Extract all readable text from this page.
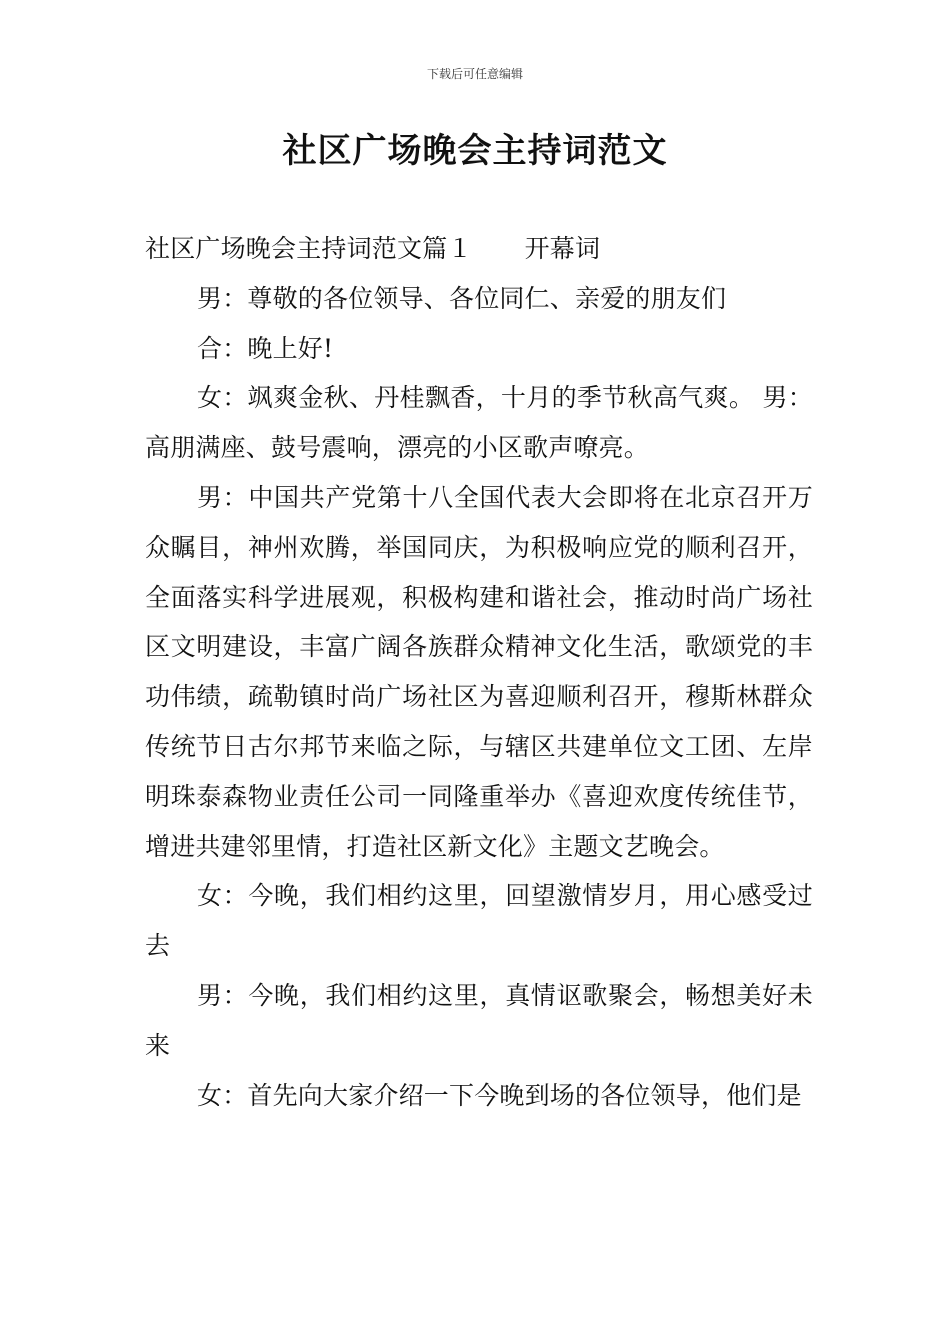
下载后可任意编辑
社区广场晚会主持词范文

社区广场晚会主持词范文篇１ 开幕词

男：尊敬的各位领导、各位同仁、亲爱的朋友们

合：晚上好!

女：飒爽金秋、丹桂飘香，十月的季节秋高气爽。 男：高朋满座、鼓号震响，漂亮的小区歌声嘹亮。

男：中国共产党第十八全国代表大会即将在北京召开万众瞩目，神州欢腾，举国同庆，为积极响应党的顺利召开，全面落实科学进展观，积极构建和谐社会，推动时尚广场社区文明建设，丰富广阔各族群众精神文化生活，歌颂党的丰功伟绩，疏勒镇时尚广场社区为喜迎顺利召开，穆斯林群众传统节日古尔邦节来临之际，与辖区共建单位文工团、左岸明珠泰森物业责任公司一同隆重举办《喜迎欢度传统佳节，增进共建邻里情，打造社区新文化》主题文艺晚会。

女：今晚，我们相约这里，回望激情岁月，用心感受过去

男：今晚，我们相约这里，真情讴歌聚会，畅想美好未来

女：首先向大家介绍一下今晚到场的各位领导，他们是
